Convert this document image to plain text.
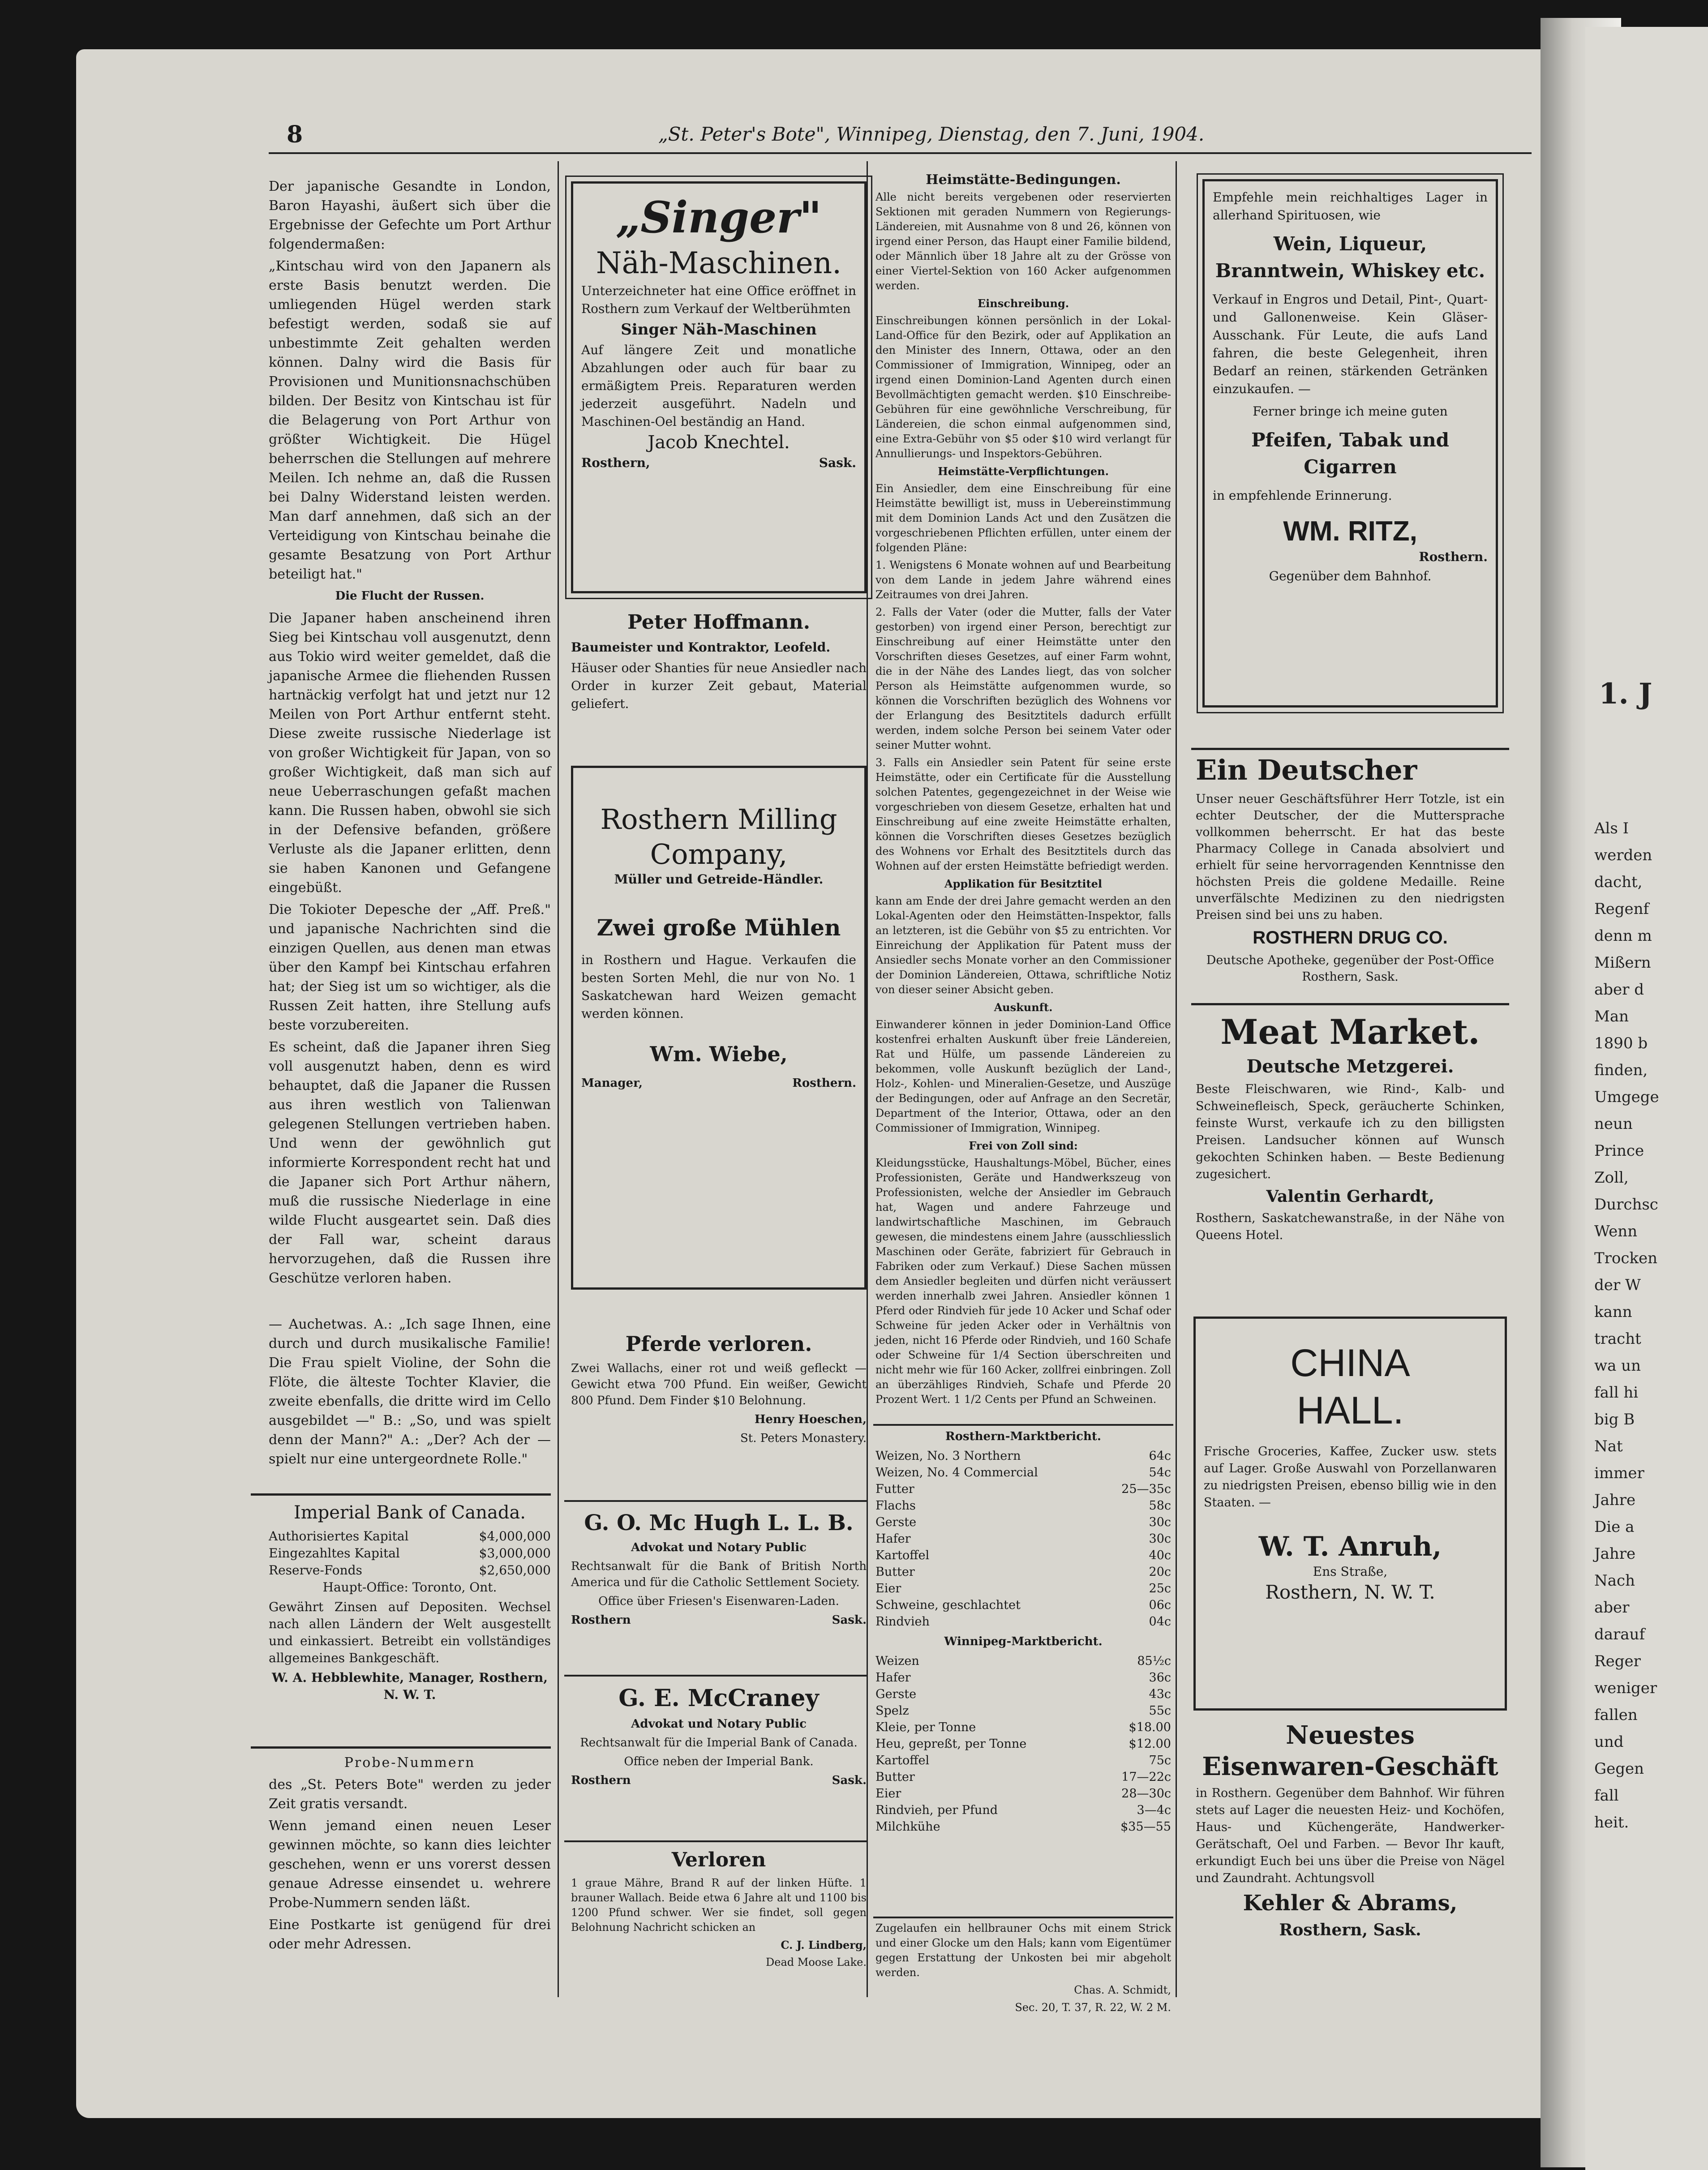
1. J
Als I
werden
dacht,
Regenf
denn m
Mißern
aber d
Man
1890 b
finden,
Umgege
neun
Prince
Zoll,
Durchsc
Wenn
Trocken
der W
kann
tracht
wa un
fall hi
big B
Nat
immer
Jahre
Die a
Jahre
Nach
aber
darauf
Reger
weniger
fallen
und
Gegen
fall
heit.
8	„St. Peter's Bote", Winnipeg, Dienstag, den 7. Juni, 1904.

Der japanische Gesandte in London, Baron Hayashi, äußert sich über die Ergebnisse der Gefechte um Port Arthur folgendermaßen:

„Kintschau wird von den Japanern als erste Basis benutzt werden. Die umliegenden Hügel werden stark befestigt werden, sodaß sie auf unbestimmte Zeit gehalten werden können. Dalny wird die Basis für Provisionen und Munitionsnachschüben bilden. Der Besitz von Kintschau ist für die Belagerung von Port Arthur von größter Wichtigkeit. Die Hügel beherrschen die Stellungen auf mehrere Meilen. Ich nehme an, daß die Russen bei Dalny Widerstand leisten werden. Man darf annehmen, daß sich an der Verteidigung von Kintschau beinahe die gesamte Besatzung von Port Arthur beteiligt hat."

Die Flucht der Russen.

Die Japaner haben anscheinend ihren Sieg bei Kintschau voll ausgenutzt, denn aus Tokio wird weiter gemeldet, daß die japanische Armee die fliehenden Russen hartnäckig verfolgt hat und jetzt nur 12 Meilen von Port Arthur entfernt steht. Diese zweite russische Niederlage ist von großer Wichtigkeit für Japan, von so großer Wichtigkeit, daß man sich auf neue Ueberraschungen gefaßt machen kann. Die Russen haben, obwohl sie sich in der Defensive befanden, größere Verluste als die Japaner erlitten, denn sie haben Kanonen und Gefangene eingebüßt.

Die Tokioter Depesche der „Aff. Preß." und japanische Nachrichten sind die einzigen Quellen, aus denen man etwas über den Kampf bei Kintschau erfahren hat; der Sieg ist um so wichtiger, als die Russen Zeit hatten, ihre Stellung aufs beste vorzubereiten.

Es scheint, daß die Japaner ihren Sieg voll ausgenutzt haben, denn es wird behauptet, daß die Japaner die Russen aus ihren westlich von Talienwan gelegenen Stellungen vertrieben haben. Und wenn der gewöhnlich gut informierte Korrespondent recht hat und die Japaner sich Port Arthur nähern, muß die russische Niederlage in eine wilde Flucht ausgeartet sein. Daß dies der Fall war, scheint daraus hervorzugehen, daß die Russen ihre Geschütze verloren haben.

— Auchetwas. A.: „Ich sage Ihnen, eine durch und durch musikalische Familie! Die Frau spielt Violine, der Sohn die Flöte, die älteste Tochter Klavier, die zweite ebenfalls, die dritte wird im Cello ausgebildet —" B.: „So, und was spielt denn der Mann?" A.: „Der? Ach der — spielt nur eine untergeordnete Rolle."

Imperial Bank of Canada.

Authorisiertes Kapital	$4,000,000
Eingezahltes Kapital	$3,000,000
Reserve-Fonds	$2,650,000

Haupt-Office: Toronto, Ont.

Gewährt Zinsen auf Depositen. Wechsel nach allen Ländern der Welt ausgestellt und einkassiert. Betreibt ein vollständiges allgemeines Bankgeschäft.

W. A. Hebblewhite, Manager, Rosthern, N. W. T.

Probe-Nummern

des „St. Peters Bote" werden zu jeder Zeit gratis versandt.

Wenn jemand einen neuen Leser gewinnen möchte, so kann dies leichter geschehen, wenn er uns vorerst dessen genaue Adresse einsendet u. wehrere Probe-Nummern senden läßt.

Eine Postkarte ist genügend für drei oder mehr Adressen.

„Singer"
Näh-Maschinen.

Unterzeichneter hat eine Office eröffnet in Rosthern zum Verkauf der Weltberühmten

Singer Näh-Maschinen

Auf längere Zeit und monatliche Abzahlungen oder auch für baar zu ermäßigtem Preis. Reparaturen werden jederzeit ausgeführt. Nadeln und Maschinen-Oel beständig an Hand.

Jacob Knechtel.

Rosthern,	Sask.

Peter Hoffmann.

Baumeister und Kontraktor, Leofeld.

Häuser oder Shanties für neue Ansiedler nach Order in kurzer Zeit gebaut, Material geliefert.

Rosthern Milling
Company,
Müller und Getreide-Händler.
Zwei große Mühlen
in Rosthern und Hague. Verkaufen die besten Sorten Mehl, die nur von No. 1 Saskatchewan hard Weizen gemacht werden können.
Wm. Wiebe,
Manager,	Rosthern.

Pferde verloren.

Zwei Wallachs, einer rot und weiß gefleckt — Gewicht etwa 700 Pfund. Ein weißer, Gewicht 800 Pfund. Dem Finder $10 Belohnung.

Henry Hoeschen,

St. Peters Monastery.

G. O. Mc Hugh L. L. B.

Advokat und Notary Public

Rechtsanwalt für die Bank of British North America und für die Catholic Settlement Society.

Office über Friesen's Eisenwaren-Laden.

Rosthern	Sask.

G. E. McCraney

Advokat und Notary Public

Rechtsanwalt für die Imperial Bank of Canada.

Office neben der Imperial Bank.

Rosthern	Sask.

Verloren

1 graue Mähre, Brand R auf der linken Hüfte. 1 brauner Wallach. Beide etwa 6 Jahre alt und 1100 bis 1200 Pfund schwer. Wer sie findet, soll gegen Belohnung Nachricht schicken an

C. J. Lindberg,

Dead Moose Lake.

Heimstätte-Bedingungen.

Alle nicht bereits vergebenen oder reservierten Sektionen mit geraden Nummern von Regierungs-Ländereien, mit Ausnahme von 8 und 26, können von irgend einer Person, das Haupt einer Familie bildend, oder Männlich über 18 Jahre alt zu der Grösse von einer Viertel-Sektion von 160 Acker aufgenommen werden.

Einschreibung.

Einschreibungen können persönlich in der Lokal-Land-Office für den Bezirk, oder auf Applikation an den Minister des Innern, Ottawa, oder an den Commissioner of Immigration, Winnipeg, oder an irgend einen Dominion-Land Agenten durch einen Bevollmächtigten gemacht werden. $10 Einschreibe-Gebühren für eine gewöhnliche Verschreibung, für Ländereien, die schon einmal aufgenommen sind, eine Extra-Gebühr von $5 oder $10 wird verlangt für Annullierungs- und Inspektors-Gebühren.

Heimstätte-Verpflichtungen.

Ein Ansiedler, dem eine Einschreibung für eine Heimstätte bewilligt ist, muss in Uebereinstimmung mit dem Dominion Lands Act und den Zusätzen die vorgeschriebenen Pflichten erfüllen, unter einem der folgenden Pläne:

1. Wenigstens 6 Monate wohnen auf und Bearbeitung von dem Lande in jedem Jahre während eines Zeitraumes von drei Jahren.

2. Falls der Vater (oder die Mutter, falls der Vater gestorben) von irgend einer Person, berechtigt zur Einschreibung auf einer Heimstätte unter den Vorschriften dieses Gesetzes, auf einer Farm wohnt, die in der Nähe des Landes liegt, das von solcher Person als Heimstätte aufgenommen wurde, so können die Vorschriften bezüglich des Wohnens vor der Erlangung des Besitztitels dadurch erfüllt werden, indem solche Person bei seinem Vater oder seiner Mutter wohnt.

3. Falls ein Ansiedler sein Patent für seine erste Heimstätte, oder ein Certificate für die Ausstellung solchen Patentes, gegengezeichnet in der Weise wie vorgeschrieben von diesem Gesetze, erhalten hat und Einschreibung auf eine zweite Heimstätte erhalten, können die Vorschriften dieses Gesetzes bezüglich des Wohnens vor Erhalt des Besitztitels durch das Wohnen auf der ersten Heimstätte befriedigt werden.

Applikation für Besitztitel

kann am Ende der drei Jahre gemacht werden an den Lokal-Agenten oder den Heimstätten-Inspektor, falls an letzteren, ist die Gebühr von $5 zu entrichten. Vor Einreichung der Applikation für Patent muss der Ansiedler sechs Monate vorher an den Commissioner der Dominion Ländereien, Ottawa, schriftliche Notiz von dieser seiner Absicht geben.

Auskunft.

Einwanderer können in jeder Dominion-Land Office kostenfrei erhalten Auskunft über freie Ländereien, Rat und Hülfe, um passende Ländereien zu bekommen, volle Auskunft bezüglich der Land-, Holz-, Kohlen- und Mineralien-Gesetze, und Auszüge der Bedingungen, oder auf Anfrage an den Secretär, Department of the Interior, Ottawa, oder an den Commissioner of Immigration, Winnipeg.

Frei von Zoll sind:

Kleidungsstücke, Haushaltungs-Möbel, Bücher, eines Professionisten, Geräte und Handwerkszeug von Professionisten, welche der Ansiedler im Gebrauch hat, Wagen und andere Fahrzeuge und landwirtschaftliche Maschinen, im Gebrauch gewesen, die mindestens einem Jahre (ausschliesslich Maschinen oder Geräte, fabriziert für Gebrauch in Fabriken oder zum Verkauf.) Diese Sachen müssen dem Ansiedler begleiten und dürfen nicht veräussert werden innerhalb zwei Jahren. Ansiedler können 1 Pferd oder Rindvieh für jede 10 Acker und Schaf oder Schweine für jeden Acker oder in Verhältnis von jeden, nicht 16 Pferde oder Rindvieh, und 160 Schafe oder Schweine für 1/4 Section überschreiten und nicht mehr wie für 160 Acker, zollfrei einbringen. Zoll an überzähliges Rindvieh, Schafe und Pferde 20 Prozent Wert. 1 1/2 Cents per Pfund an Schweinen.

Rosthern-Marktbericht.

Weizen, No. 3 Northern	64c
Weizen, No. 4 Commercial	54c
Futter	25—35c
Flachs	58c
Gerste	30c
Hafer	30c
Kartoffel	40c
Butter	20c
Eier	25c
Schweine, geschlachtet	06c
Rindvieh	04c

Winnipeg-Marktbericht.

Weizen	85½c
Hafer	36c
Gerste	43c
Spelz	55c
Kleie, per Tonne	$18.00
Heu, gepreßt, per Tonne	$12.00
Kartoffel	75c
Butter	17—22c
Eier	28—30c
Rindvieh, per Pfund	3—4c
Milchkühe	$35—55

Zugelaufen ein hellbrauner Ochs mit einem Strick und einer Glocke um den Hals; kann vom Eigentümer gegen Erstattung der Unkosten bei mir abgeholt werden.

Chas. A. Schmidt,

Sec. 20, T. 37, R. 22, W. 2 M.

Empfehle mein reichhaltiges Lager in allerhand Spirituosen, wie
Wein, Liqueur, Branntwein, Whiskey etc.
Verkauf in Engros und Detail, Pint-, Quart- und Gallonenweise. Kein Gläser-Ausschank. Für Leute, die aufs Land fahren, die beste Gelegenheit, ihren Bedarf an reinen, stärkenden Getränken einzukaufen. —
Ferner bringe ich meine guten
Pfeifen, Tabak und Cigarren
in empfehlende Erinnerung.
WM. RITZ,
Rosthern.
Gegenüber dem Bahnhof.

Ein Deutscher

Unser neuer Geschäftsführer Herr Totzle, ist ein echter Deutscher, der die Muttersprache vollkommen beherrscht. Er hat das beste Pharmacy College in Canada absolviert und erhielt für seine hervorragenden Kenntnisse den höchsten Preis die goldene Medaille. Reine unverfälschte Medizinen zu den niedrigsten Preisen sind bei uns zu haben.

ROSTHERN DRUG CO.

Deutsche Apotheke, gegenüber der Post-Office Rosthern, Sask.

Meat Market.

Deutsche Metzgerei.

Beste Fleischwaren, wie Rind-, Kalb- und Schweinefleisch, Speck, geräucherte Schinken, feinste Wurst, verkaufe ich zu den billigsten Preisen. Landsucher können auf Wunsch gekochten Schinken haben. — Beste Bedienung zugesichert.

Valentin Gerhardt,

Rosthern, Saskatchewanstraße, in der Nähe von Queens Hotel.

CHINA
HALL.
Frische Groceries, Kaffee, Zucker usw. stets auf Lager. Große Auswahl von Porzellanwaren zu niedrigsten Preisen, ebenso billig wie in den Staaten. —
W. T. Anruh,
Ens Straße,
Rosthern, N. W. T.

Neuestes Eisenwaren-Geschäft

in Rosthern. Gegenüber dem Bahnhof. Wir führen stets auf Lager die neuesten Heiz- und Kochöfen, Haus- und Küchengeräte, Handwerker-Gerätschaft, Oel und Farben. — Bevor Ihr kauft, erkundigt Euch bei uns über die Preise von Nägel und Zaundraht. Achtungsvoll

Kehler & Abrams,

Rosthern, Sask.
